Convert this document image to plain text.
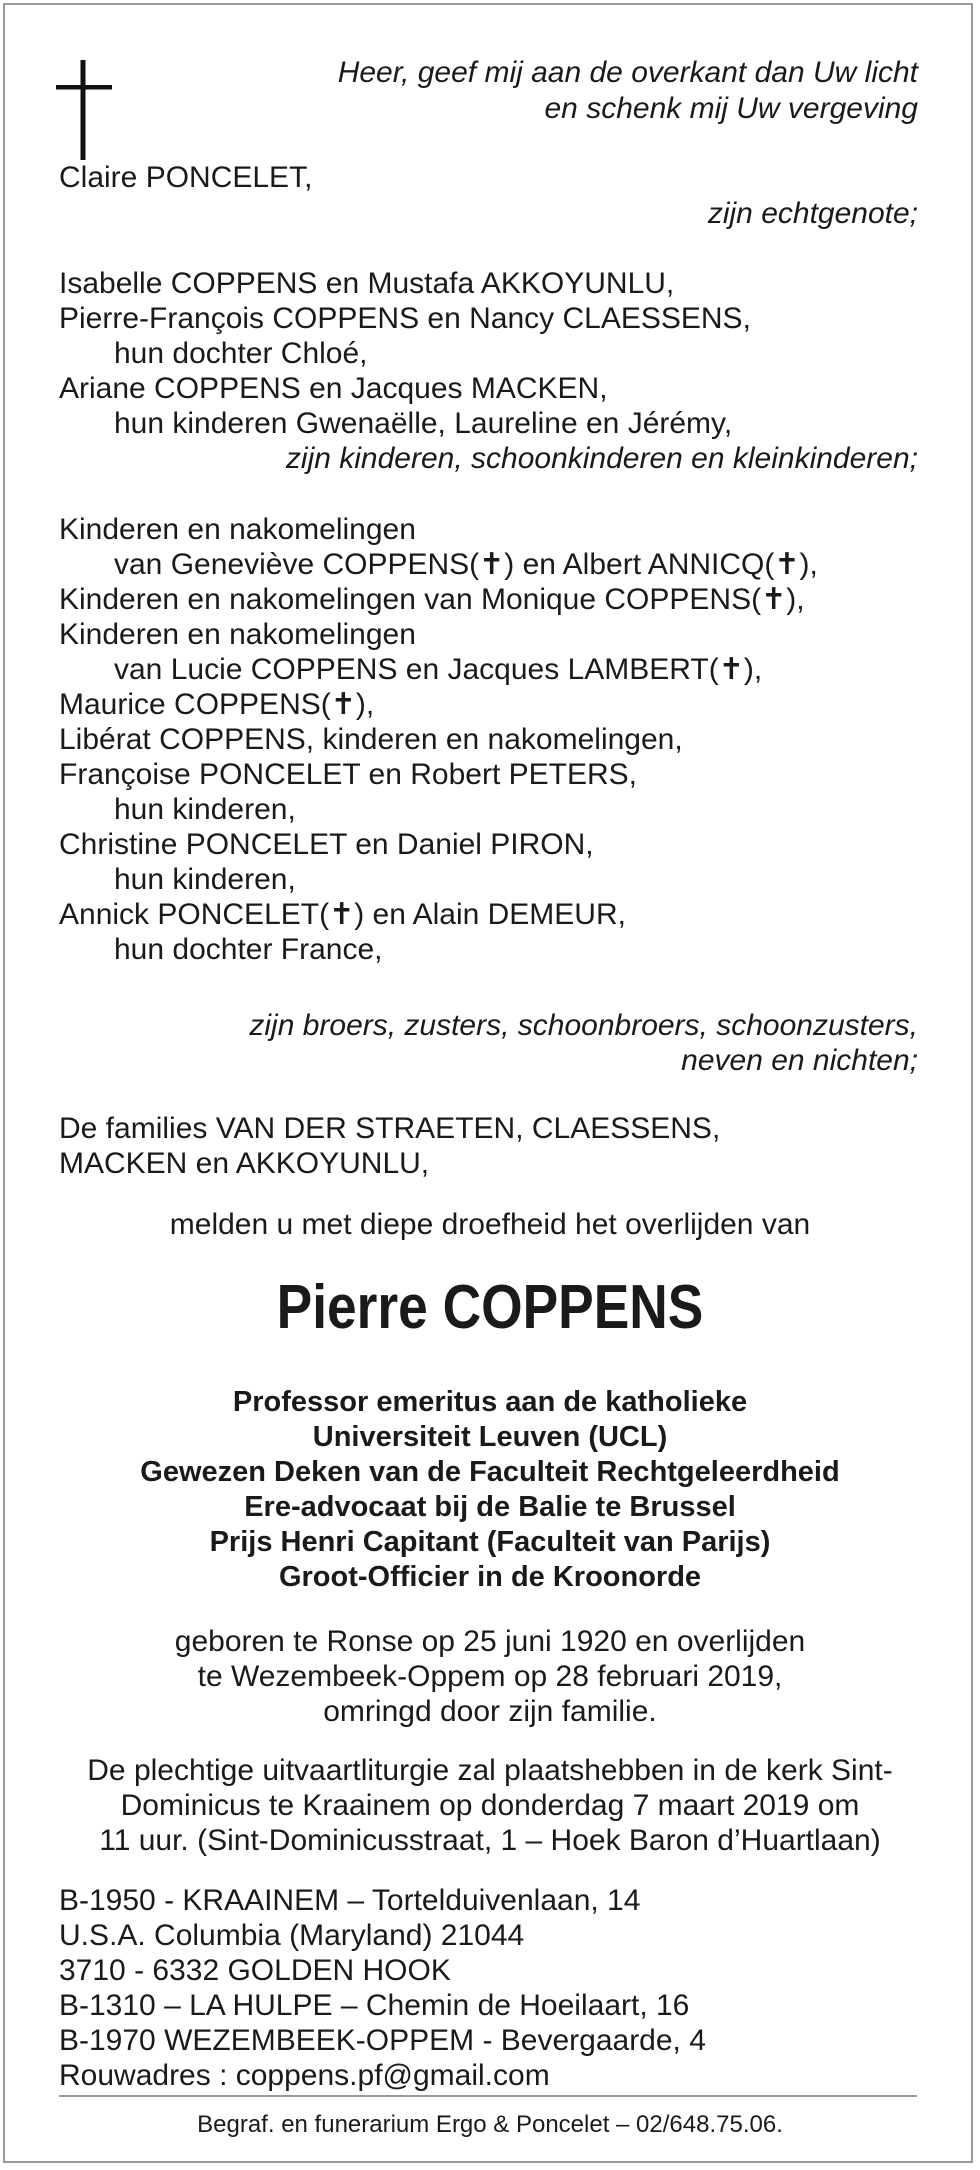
Heer, geef mij aan de overkant dan Uw licht
en schenk mij Uw vergeving
Claire PONCELET,
zijn echtgenote;
Isabelle COPPENS en Mustafa AKKOYUNLU,
Pierre-François COPPENS en Nancy CLAESSENS,
hun dochter Chloé,
Ariane COPPENS en Jacques MACKEN,
hun kinderen Gwenaëlle, Laureline en Jérémy,
zijn kinderen, schoonkinderen en kleinkinderen;
Kinderen en nakomelingen
van Geneviève COPPENS(✝) en Albert ANNICQ(✝),
Kinderen en nakomelingen van Monique COPPENS(✝),
Kinderen en nakomelingen
van Lucie COPPENS en Jacques LAMBERT(✝),
Maurice COPPENS(✝),
Libérat COPPENS, kinderen en nakomelingen,
Françoise PONCELET en Robert PETERS,
hun kinderen,
Christine PONCELET en Daniel PIRON,
hun kinderen,
Annick PONCELET(✝) en Alain DEMEUR,
hun dochter France,
zijn broers, zusters, schoonbroers, schoonzusters,
neven en nichten;
De families VAN DER STRAETEN, CLAESSENS,
MACKEN en AKKOYUNLU,
melden u met diepe droefheid het overlijden van
Pierre COPPENS
Professor emeritus aan de katholieke
Universiteit Leuven (UCL)
Gewezen Deken van de Faculteit Rechtgeleerdheid
Ere-advocaat bij de Balie te Brussel
Prijs Henri Capitant (Faculteit van Parijs)
Groot-Officier in de Kroonorde
geboren te Ronse op 25 juni 1920 en overlijden
te Wezembeek-Oppem op 28 februari 2019,
omringd door zijn familie.
De plechtige uitvaartliturgie zal plaatshebben in de kerk Sint-
Dominicus te Kraainem op donderdag 7 maart 2019 om
11 uur. (Sint-Dominicusstraat, 1 – Hoek Baron d’Huartlaan)
B-1950 - KRAAINEM – Tortelduivenlaan, 14
U.S.A. Columbia (Maryland) 21044
3710 - 6332 GOLDEN HOOK
B-1310 – LA HULPE – Chemin de Hoeilaart, 16
B-1970 WEZEMBEEK-OPPEM - Bevergaarde, 4
Rouwadres : coppens.pf@gmail.com
Begraf. en funerarium Ergo & Poncelet – 02/648.75.06.
